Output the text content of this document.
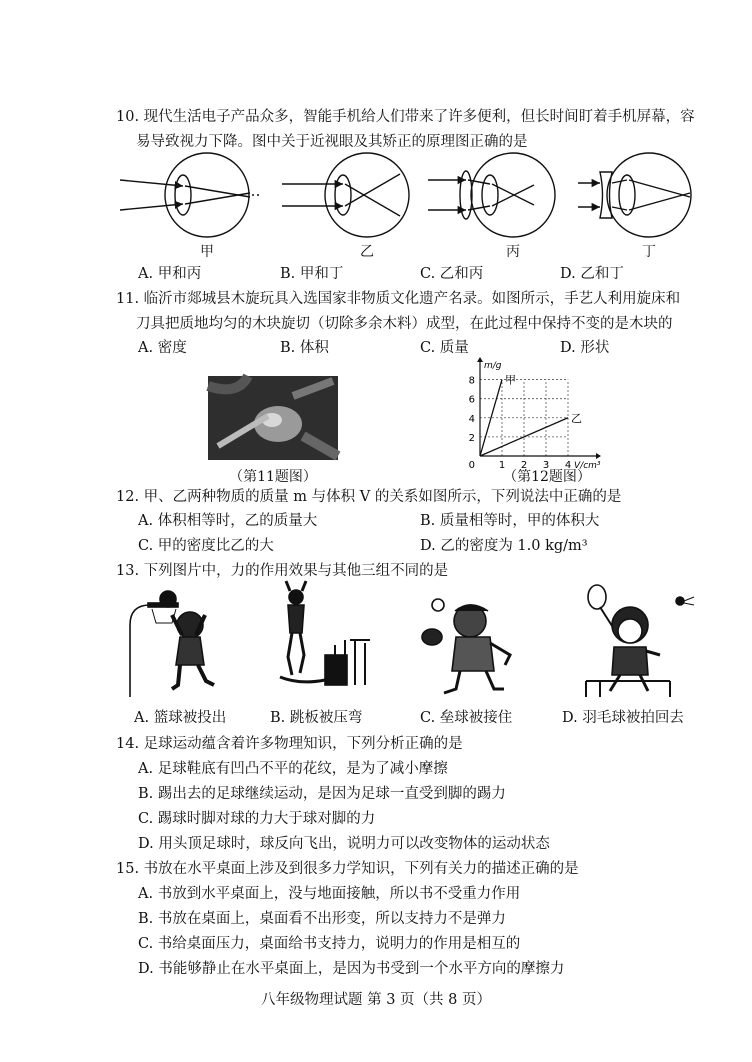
10. 现代生活电子产品众多，智能手机给人们带来了许多便利，但长时间盯着手机屏幕，容
易导致视力下降。图中关于近视眼及其矫正的原理图正确的是
甲	乙	丙	丁
A. 甲和丙	B. 甲和丁	C. 乙和丙	D. 乙和丁
11. 临沂市郯城县木旋玩具入选国家非物质文化遗产名录。如图所示，手艺人利用旋床和
刀具把质地均匀的木块旋切（切除多余木料）成型，在此过程中保持不变的是木块的
A. 密度	B. 体积	C. 质量	D. 形状
（第11题图）
1 2 3 4
2
4
6
8
0	V/cm³
m/g
甲
乙
（第12题图）
12. 甲、乙两种物质的质量 m 与体积 V 的关系如图所示，下列说法中正确的是
A. 体积相等时，乙的质量大	B. 质量相等时，甲的体积大
C. 甲的密度比乙的大	D. 乙的密度为 1.0 kg/m³
13. 下列图片中，力的作用效果与其他三组不同的是
A. 篮球被投出	B. 跳板被压弯	C. 垒球被接住	D. 羽毛球被拍回去
14. 足球运动蕴含着许多物理知识，下列分析正确的是
A. 足球鞋底有凹凸不平的花纹，是为了减小摩擦
B. 踢出去的足球继续运动，是因为足球一直受到脚的踢力
C. 踢球时脚对球的力大于球对脚的力
D. 用头顶足球时，球反向飞出，说明力可以改变物体的运动状态
15. 书放在水平桌面上涉及到很多力学知识，下列有关力的描述正确的是
A. 书放到水平桌面上，没与地面接触，所以书不受重力作用
B. 书放在桌面上，桌面看不出形变，所以支持力不是弹力
C. 书给桌面压力，桌面给书支持力，说明力的作用是相互的
D. 书能够静止在水平桌面上，是因为书受到一个水平方向的摩擦力
八年级物理试题 第 3 页（共 8 页）
